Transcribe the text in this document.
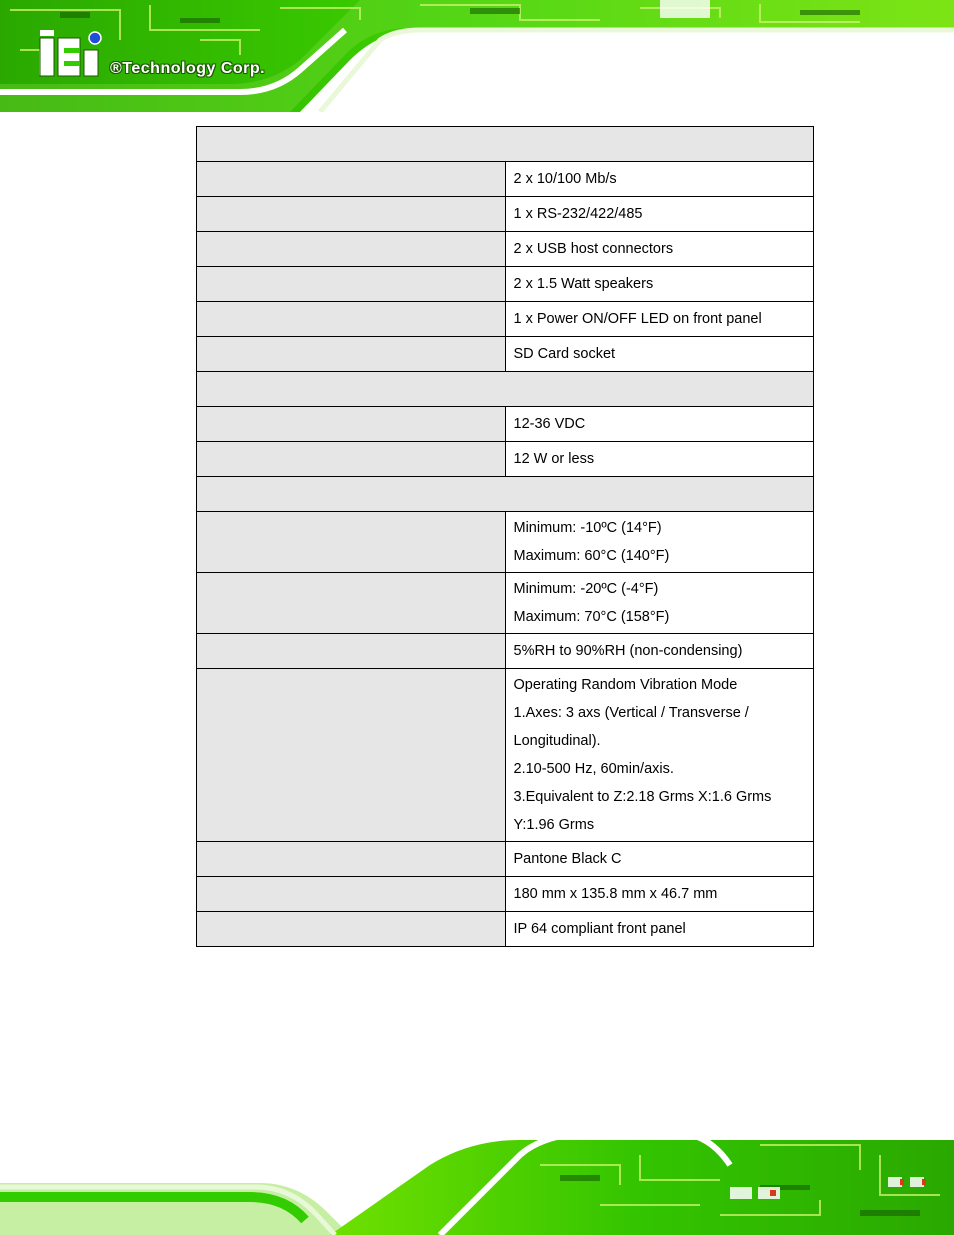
®Technology Corp.

	2 x 10/100 Mb/s

	1 x RS-232/422/485

	2 x USB host connectors

	2 x 1.5 Watt speakers

	1 x Power ON/OFF LED on front panel

	SD Card socket

	12-36 VDC

	12 W or less

	Minimum: -10ºC (14°F)
Maximum: 60°C (140°F)

	Minimum: -20ºC (-4°F)
Maximum: 70°C (158°F)

	5%RH to 90%RH (non-condensing)

	Operating Random Vibration Mode
1.Axes: 3 axs (Vertical / Transverse / Longitudinal).
2.10-500 Hz, 60min/axis.
3.Equivalent to Z:2.18 Grms X:1.6 Grms Y:1.96 Grms

	Pantone Black C

	180 mm x 135.8 mm x 46.7 mm

	IP 64 compliant front panel
